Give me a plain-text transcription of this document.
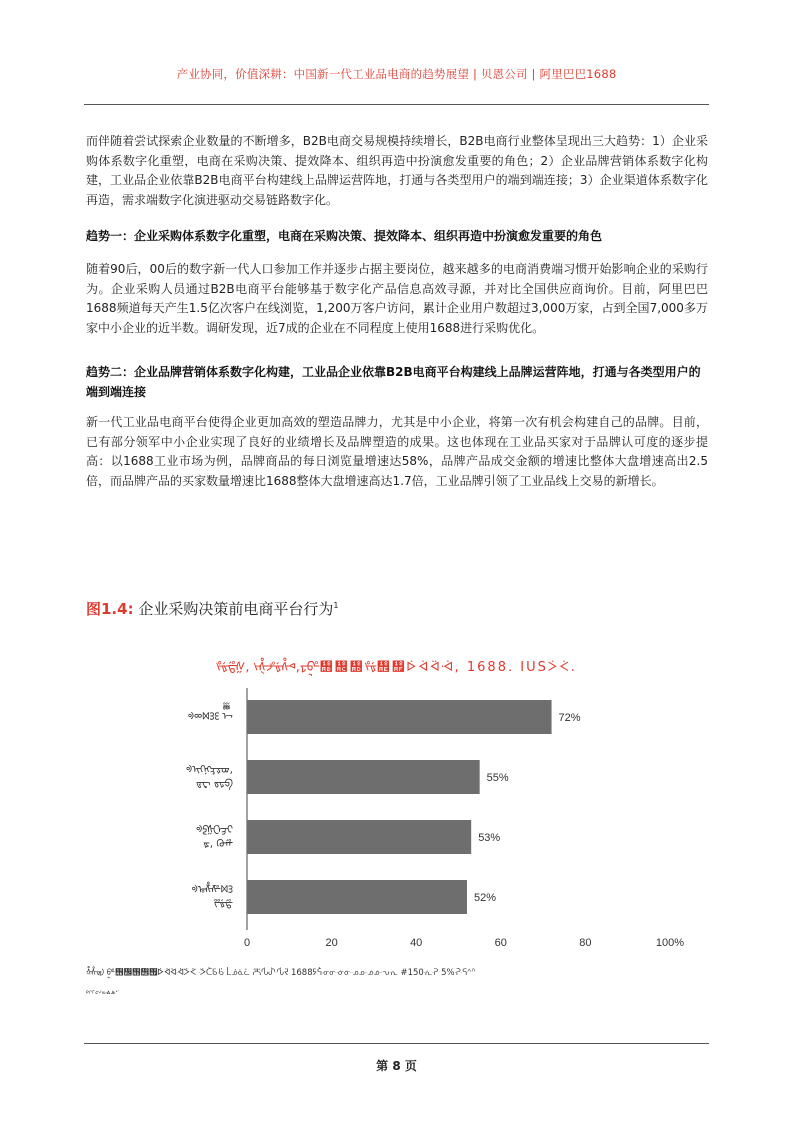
产业协同，价值深耕：中国新一代工业品电商的趋势展望 | 贝恩公司 | 阿里巴巴1688
而伴随着尝试探索企业数量的不断增多，B2B电商交易规模持续增长，B2B电商行业整体呈现出三大趋势：1）企业采购体系数字化重塑，电商在采购决策、提效降本、组织再造中扮演愈发重要的角色；2）企业品牌营销体系数字化构建，工业品企业依靠B2B电商平台构建线上品牌运营阵地，打通与各类型用户的端到端连接；3）企业渠道体系数字化再造，需求端数字化演进驱动交易链路数字化。
趋势一：企业采购体系数字化重塑，电商在采购决策、提效降本、组织再造中扮演愈发重要的角色
随着90后，00后的数字新一代人口参加工作并逐步占据主要岗位，越来越多的电商消费端习惯开始影响企业的采购行为。企业采购人员通过B2B电商平台能够基于数字化产品信息高效寻源，并对比全国供应商询价。目前，阿里巴巴1688频道每天产生1.5亿次客户在线浏览，1,200万客户访问，累计企业用户数超过3,000万家，占到全国7,000多万家中小企业的近半数。调研发现，近7成的企业在不同程度上使用1688进行采购优化。
趋势二：企业品牌营销体系数字化构建，工业品企业依靠B2B电商平台构建线上品牌运营阵地，打通与各类型用户的端到端连接
新一代工业品电商平台使得企业更加高效的塑造品牌力，尤其是中小企业，将第一次有机会构建自己的品牌。目前，已有部分领军中小企业实现了良好的业绩增长及品牌塑造的成果。这也体现在工业品买家对于品牌认可度的逐步提高：以1688工业市场为例，品牌商品的每日浏览量增速达58%，品牌产品成交金额的增速比整体大盘增速高出2.5倍，而品牌产品的买家数量增速比1688整体大盘增速高达1.7倍，工业品牌引领了工业品线上交易的新增长。
图1.4: 企业采购决策前电商平台行为$^1$
ᢞᢠᢡᢢ, ᢣᢤᢞᢠᢥᢦ,ᢧᢨᢩ᢫᢬᢭ᢞᢠ᢮᢯ᢰᢱᢲᢳ, 1688. IUSᢴᢵ.
ᢀᢁᢂᢃᢄ ᢅᢆᢇ
ᢀᢈᢉᢊᢋᢌᢍ,
ᢎᢏ ᢐᢑᢒ
ᢀᢓᢔᢕᢖᢗ
ᢘ, ᢙᢚ
ᢀᢛᢜᢝᢂᢃ
ᢟᢠᢡ
72%
55%
53%
52%
0	20	40	60	80	100%
ᢤᢥᢦᢧ ᢨᢩ᢫᢬᢭᢮᢯ᢰᢱᢲᢳᢴᢵ ᢶᢷᢸᢹ ᢺᢻᢼᢽ ᢾᢿᣀᣁᣂᣃ 1688ᣄᣅᣆᣇᣈᣉᣊᣋᣌᣍᣎᣏ #150ᣐᣑ 5%ᣒᣓᣔᣕ
ᣖᣗᣘᣙᣚᣛᣜᣝᣞᣟ
第 8 页
